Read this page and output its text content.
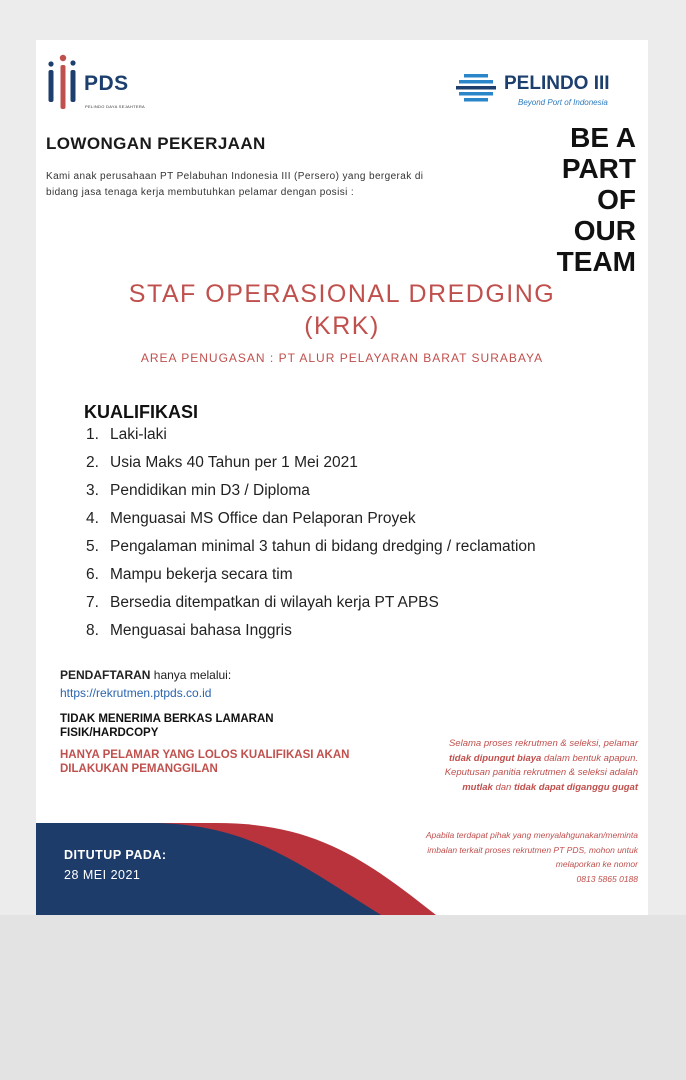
PDS
PELINDO DAYA SEJAHTERA
PELINDO III
Beyond Port of Indonesia
LOWONGAN PEKERJAAN
Kami anak perusahaan PT Pelabuhan Indonesia III (Persero) yang bergerak di bidang jasa tenaga kerja membutuhkan pelamar dengan posisi :
BE A
PART
OF
OUR
TEAM
STAF OPERASIONAL DREDGING
(KRK)
AREA PENUGASAN : PT ALUR PELAYARAN BARAT SURABAYA
KUALIFIKASI
1. Laki-laki
2. Usia Maks 40 Tahun per 1 Mei 2021
3. Pendidikan min D3 / Diploma
4. Menguasai MS Office dan Pelaporan Proyek
5. Pengalaman minimal 3 tahun di bidang dredging / reclamation
6. Mampu bekerja secara tim
7. Bersedia ditempatkan di wilayah kerja PT APBS
8. Menguasai bahasa Inggris
PENDAFTARAN hanya melalui:
https://rekrutmen.ptpds.co.id
TIDAK MENERIMA BERKAS LAMARAN FISIK/HARDCOPY
HANYA PELAMAR YANG LOLOS KUALIFIKASI AKAN DILAKUKAN PEMANGGILAN
Selama proses rekrutmen & seleksi, pelamar tidak dipungut biaya dalam bentuk apapun.
Keputusan panitia rekrutmen & seleksi adalah mutlak dan tidak dapat diganggu gugat
Apabila terdapat pihak yang menyalahgunakan/meminta imbalan terkait proses rekrutmen PT PDS, mohon untuk melaporkan ke nomor
0813 5865 0188
DITUTUP PADA:
28 MEI 2021
